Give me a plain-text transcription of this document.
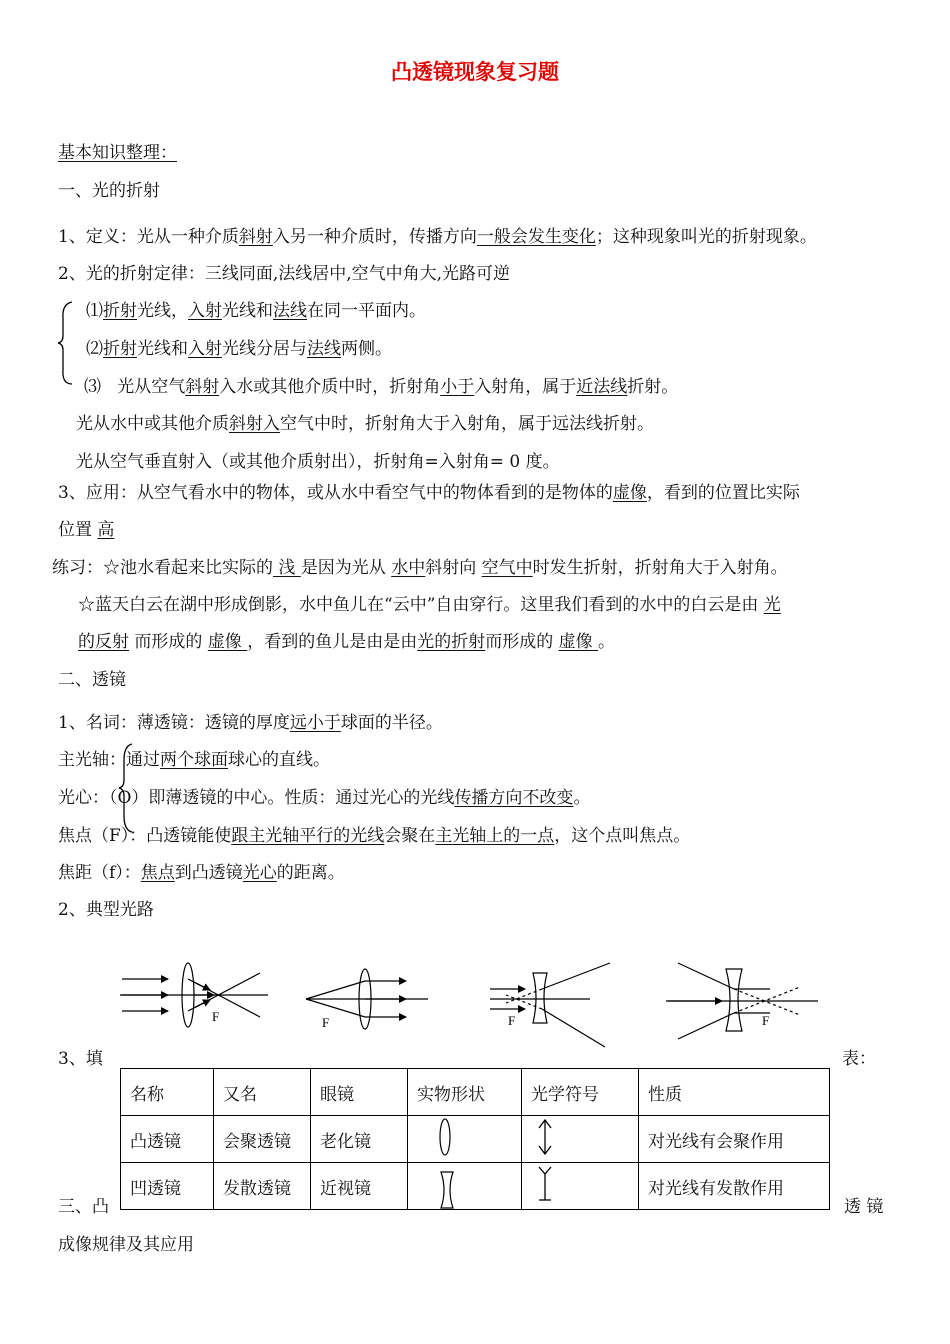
凸透镜现象复习题
基本知识整理：
一、光的折射
1、定义：光从一种介质斜射入另一种介质时，传播方向一般会发生变化；这种现象叫光的折射现象。
2、光的折射定律：三线同面,法线居中,空气中角大,光路可逆
⑴折射光线，入射光线和法线在同一平面内。
⑵折射光线和入射光线分居与法线两侧。
⑶ 光从空气斜射入水或其他介质中时，折射角小于入射角，属于近法线折射。
光从水中或其他介质斜射入空气中时，折射角大于入射角，属于远法线折射。
光从空气垂直射入（或其他介质射出），折射角=入射角= 0 度。
3、应用：从空气看水中的物体，或从水中看空气中的物体看到的是物体的虚像，看到的位置比实际
位置 高
练习：☆池水看起来比实际的 浅 是因为光从 水中斜射向 空气中时发生折射，折射角大于入射角。
☆蓝天白云在湖中形成倒影，水中鱼儿在“云中”自由穿行。这里我们看到的水中的白云是由 光
的反射 而形成的 虚像 ，看到的鱼儿是由是由光的折射而形成的 虚像 。
二、透镜
1、名词：薄透镜：透镜的厚度远小于球面的半径。
主光轴：通过两个球面球心的直线。
光心：（O）即薄透镜的中心。性质：通过光心的光线传播方向不改变。
焦点（F）：凸透镜能使跟主光轴平行的光线会聚在主光轴上的一点，这个点叫焦点。
焦距（f）：焦点到凸透镜光心的距离。
2、典型光路
F	F	F	F
3、填	表：
名称	又名	眼镜	实物形状	光学符号	性质
凸透镜	会聚透镜	老化镜			对光线有会聚作用
凹透镜	发散透镜	近视镜			对光线有发散作用
三、凸	透 镜
成像规律及其应用
